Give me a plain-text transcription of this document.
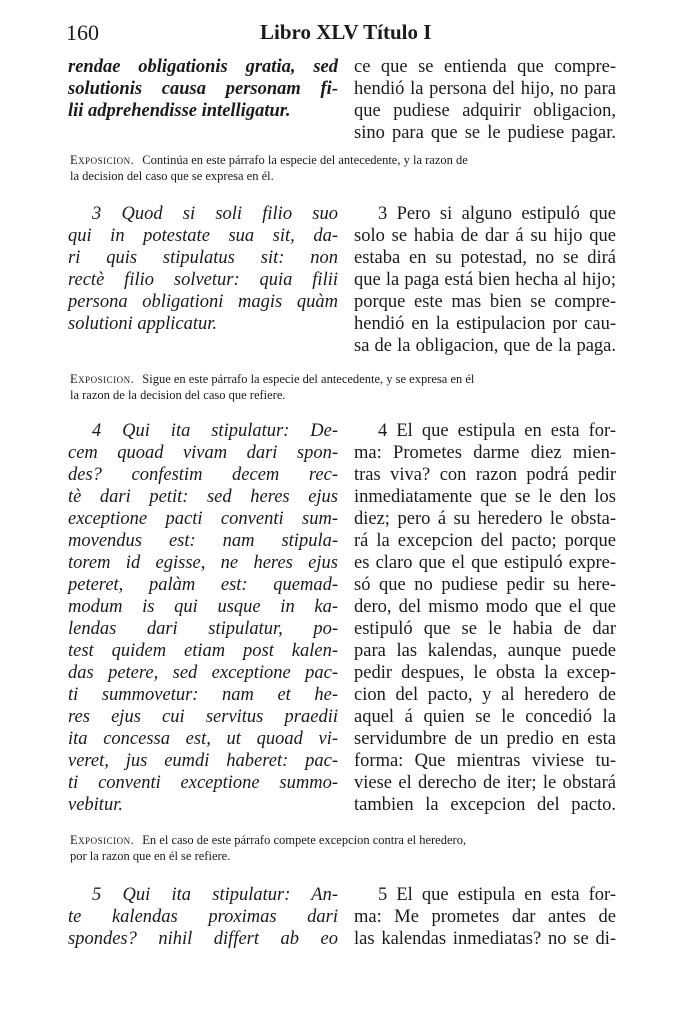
160	Libro XLV Título I
rendae obligationis gratia, sed
solutionis causa personam fi-
lii adprehendisse intelligatur.
ce que se entienda que compre-
hendió la persona del hijo, no para
que pudiese adquirir obligacion,
sino para que se le pudiese pagar.
Exposicion. Continúa en este párrafo la especie del antecedente, y la razon de
la decision del caso que se expresa en él.
3 Quod si soli filio suo
qui in potestate sua sit, da-
ri quis stipulatus sit: non
rectè filio solvetur: quia filii
persona obligationi magis quàm
solutioni applicatur.
3 Pero si alguno estipuló que
solo se habia de dar á su hijo que
estaba en su potestad, no se dirá
que la paga está bien hecha al hijo;
porque este mas bien se compre-
hendió en la estipulacion por cau-
sa de la obligacion, que de la paga.
Exposicion. Sigue en este párrafo la especie del antecedente, y se expresa en él
la razon de la decision del caso que refiere.
4 Qui ita stipulatur: De-
cem quoad vivam dari spon-
des? confestim decem rec-
tè dari petit: sed heres ejus
exceptione pacti conventi sum-
movendus est: nam stipula-
torem id egisse, ne heres ejus
peteret, palàm est: quemad-
modum is qui usque in ka-
lendas dari stipulatur, po-
test quidem etiam post kalen-
das petere, sed exceptione pac-
ti summovetur: nam et he-
res ejus cui servitus praedii
ita concessa est, ut quoad vi-
veret, jus eumdi haberet: pac-
ti conventi exceptione summo-
vebitur.
4 El que estipula en esta for-
ma: Prometes darme diez mien-
tras viva? con razon podrá pedir
inmediatamente que se le den los
diez; pero á su heredero le obsta-
rá la excepcion del pacto; porque
es claro que el que estipuló expre-
só que no pudiese pedir su here-
dero, del mismo modo que el que
estipuló que se le habia de dar
para las kalendas, aunque puede
pedir despues, le obsta la excep-
cion del pacto, y al heredero de
aquel á quien se le concedió la
servidumbre de un predio en esta
forma: Que mientras viviese tu-
viese el derecho de iter; le obstará
tambien la excepcion del pacto.
Exposicion. En el caso de este párrafo compete excepcion contra el heredero,
por la razon que en él se refiere.
5 Qui ita stipulatur: An-
te kalendas proximas dari
spondes? nihil differt ab eo
5 El que estipula en esta for-
ma: Me prometes dar antes de
las kalendas inmediatas? no se di-
